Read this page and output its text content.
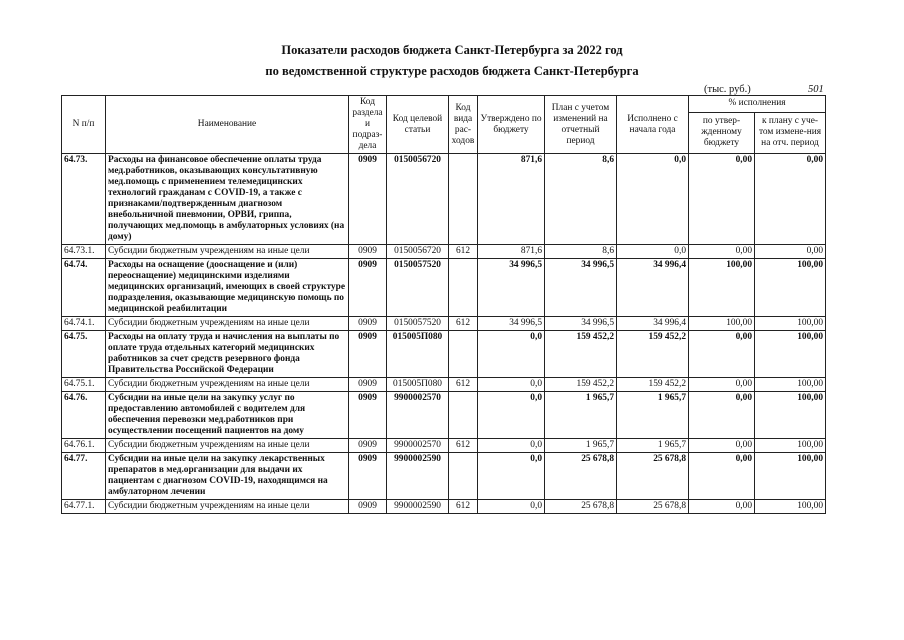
Показатели расходов бюджета Санкт-Петербурга за 2022 год
по ведомственной структуре расходов бюджета Санкт-Петербурга
(тыс. руб.)	501
N п/п	Наименование	Код раздела и подраз-дела	Код целевой статьи	Код вида рас-ходов	Утверждено по бюджету	План с учетом изменений на отчетный период	Исполнено с начала года	% исполнения	
								по утвер-жденному бюджету	к плану с уче-том измене-ния на отч. период
64.73.	Расходы на финансовое обеспечение оплаты труда мед.работников, оказывающих консультативную мед.помощь с применением телемедицинских технологий гражданам с COVID-19, а также с признаками/подтвержденным диагнозом внебольничной пневмонии, ОРВИ, гриппа, получающих мед.помощь в амбулаторных условиях (на дому)	0909	0150056720		871,6	8,6	0,0	0,00	0,00
64.73.1.	Субсидии бюджетным учреждениям на иные цели	0909	0150056720	612	871,6	8,6	0,0	0,00	0,00
64.74.	Расходы на оснащение (дооснащение и (или) переоснащение) медицинскими изделиями медицинских организаций, имеющих в своей структуре подразделения, оказывающие медицинскую помощь по медицинской реабилитации	0909	0150057520		34 996,5	34 996,5	34 996,4	100,00	100,00
64.74.1.	Субсидии бюджетным учреждениям на иные цели	0909	0150057520	612	34 996,5	34 996,5	34 996,4	100,00	100,00
64.75.	Расходы на оплату труда и начисления на выплаты по оплате труда отдельных категорий медицинских работников за счет средств резервного фонда Правительства Российской Федерации	0909	015005П080		0,0	159 452,2	159 452,2	0,00	100,00
64.75.1.	Субсидии бюджетным учреждениям на иные цели	0909	015005П080	612	0,0	159 452,2	159 452,2	0,00	100,00
64.76.	Субсидии на иные цели на закупку услуг по предоставлению автомобилей с водителем для обеспечения перевозки мед.работников при осуществлении посещений пациентов на дому	0909	9900002570		0,0	1 965,7	1 965,7	0,00	100,00
64.76.1.	Субсидии бюджетным учреждениям на иные цели	0909	9900002570	612	0,0	1 965,7	1 965,7	0,00	100,00
64.77.	Субсидии на иные цели на закупку лекарственных препаратов в мед.организации для выдачи их пациентам с диагнозом COVID-19, находящимся на амбулаторном лечении	0909	9900002590		0,0	25 678,8	25 678,8	0,00	100,00
64.77.1.	Субсидии бюджетным учреждениям на иные цели	0909	9900002590	612	0,0	25 678,8	25 678,8	0,00	100,00
